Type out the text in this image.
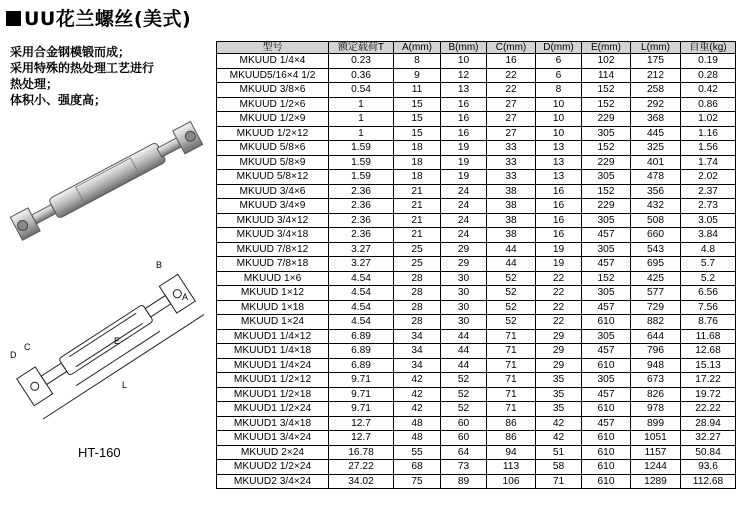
UU花兰螺丝(美式)
采用合金钢模锻而成；
采用特殊的热处理工艺进行
热处理；
体积小、强度高；
D
C
B
A
E
L
HT-160
型号	额定载荷T	A(mm)	B(mm)	C(mm)	D(mm)	E(mm)	L(mm)	自重(kg)
MKUUD 1/4×4	0.23	8	10	16	6	102	175	0.19
MKUUD5/16×4 1/2	0.36	9	12	22	6	114	212	0.28
MKUUD 3/8×6	0.54	11	13	22	8	152	258	0.42
MKUUD 1/2×6	1	15	16	27	10	152	292	0.86
MKUUD 1/2×9	1	15	16	27	10	229	368	1.02
MKUUD 1/2×12	1	15	16	27	10	305	445	1.16
MKUUD 5/8×6	1.59	18	19	33	13	152	325	1.56
MKUUD 5/8×9	1.59	18	19	33	13	229	401	1.74
MKUUD 5/8×12	1.59	18	19	33	13	305	478	2.02
MKUUD 3/4×6	2.36	21	24	38	16	152	356	2.37
MKUUD 3/4×9	2.36	21	24	38	16	229	432	2.73
MKUUD 3/4×12	2.36	21	24	38	16	305	508	3.05
MKUUD 3/4×18	2.36	21	24	38	16	457	660	3.84
MKUUD 7/8×12	3.27	25	29	44	19	305	543	4.8
MKUUD 7/8×18	3.27	25	29	44	19	457	695	5.7
MKUUD 1×6	4.54	28	30	52	22	152	425	5.2
MKUUD 1×12	4.54	28	30	52	22	305	577	6.56
MKUUD 1×18	4.54	28	30	52	22	457	729	7.56
MKUUD 1×24	4.54	28	30	52	22	610	882	8.76
MKUUD1 1/4×12	6.89	34	44	71	29	305	644	11.68
MKUUD1 1/4×18	6.89	34	44	71	29	457	796	12.68
MKUUD1 1/4×24	6.89	34	44	71	29	610	948	15.13
MKUUD1 1/2×12	9.71	42	52	71	35	305	673	17.22
MKUUD1 1/2×18	9.71	42	52	71	35	457	826	19.72
MKUUD1 1/2×24	9.71	42	52	71	35	610	978	22.22
MKUUD1 3/4×18	12.7	48	60	86	42	457	899	28.94
MKUUD1 3/4×24	12.7	48	60	86	42	610	1051	32.27
MKUUD 2×24	16.78	55	64	94	51	610	1157	50.84
MKUUD2 1/2×24	27.22	68	73	113	58	610	1244	93.6
MKUUD2 3/4×24	34.02	75	89	106	71	610	1289	112.68
